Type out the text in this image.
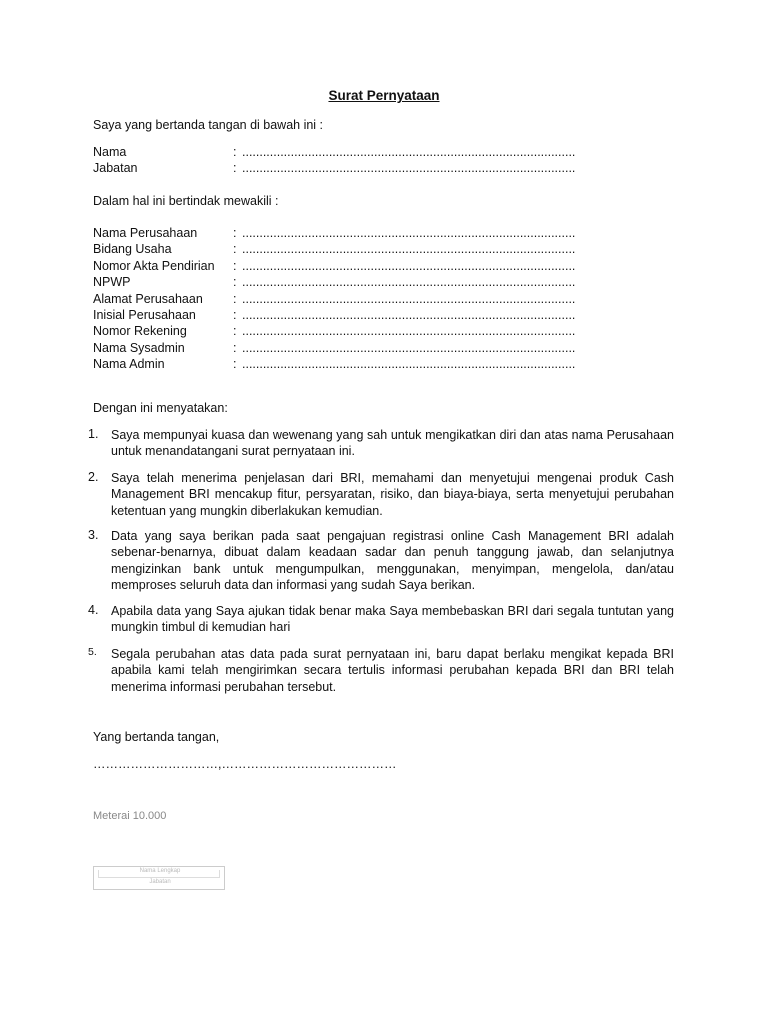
Surat Pernyataan
Saya yang bertanda tangan di bawah ini :
Nama	: ................................................................................................
Jabatan	: ................................................................................................
Dalam hal ini bertindak mewakili :
Nama Perusahaan	: ................................................................................................
Bidang Usaha	: ................................................................................................
Nomor Akta Pendirian : ................................................................................................
NPWP	: ................................................................................................
Alamat Perusahaan : ................................................................................................
Inisial Perusahaan	: ................................................................................................
Nomor Rekening	: ................................................................................................
Nama Sysadmin	: ................................................................................................
Nama Admin	: ................................................................................................
Dengan ini menyatakan:
1.	Saya mempunyai kuasa dan wewenang yang sah untuk mengikatkan diri dan atas nama Perusahaan untuk menandatangani surat pernyataan ini.
2.	Saya telah menerima penjelasan dari BRI, memahami dan menyetujui mengenai produk Cash Management BRI mencakup fitur, persyaratan, risiko, dan biaya-biaya, serta menyetujui perubahan ketentuan yang mungkin diberlakukan kemudian.
3.	Data yang saya berikan pada saat pengajuan registrasi online Cash Management BRI adalah sebenar-benarnya, dibuat dalam keadaan sadar dan penuh tanggung jawab, dan selanjutnya mengizinkan bank untuk mengumpulkan, menggunakan, menyimpan, mengelola, dan/atau memproses seluruh data dan informasi yang sudah Saya berikan.
4.	Apabila data yang Saya ajukan tidak benar maka Saya membebaskan BRI dari segala tuntutan yang mungkin timbul di kemudian hari
5.	Segala perubahan atas data pada surat pernyataan ini, baru dapat berlaku mengikat kepada BRI apabila kami telah mengirimkan secara tertulis informasi perubahan kepada BRI dan BRI telah menerima informasi perubahan tersebut.
Yang bertanda tangan,
…………………………,……………………………………
Meterai 10.000
Nama Lengkap
Jabatan
